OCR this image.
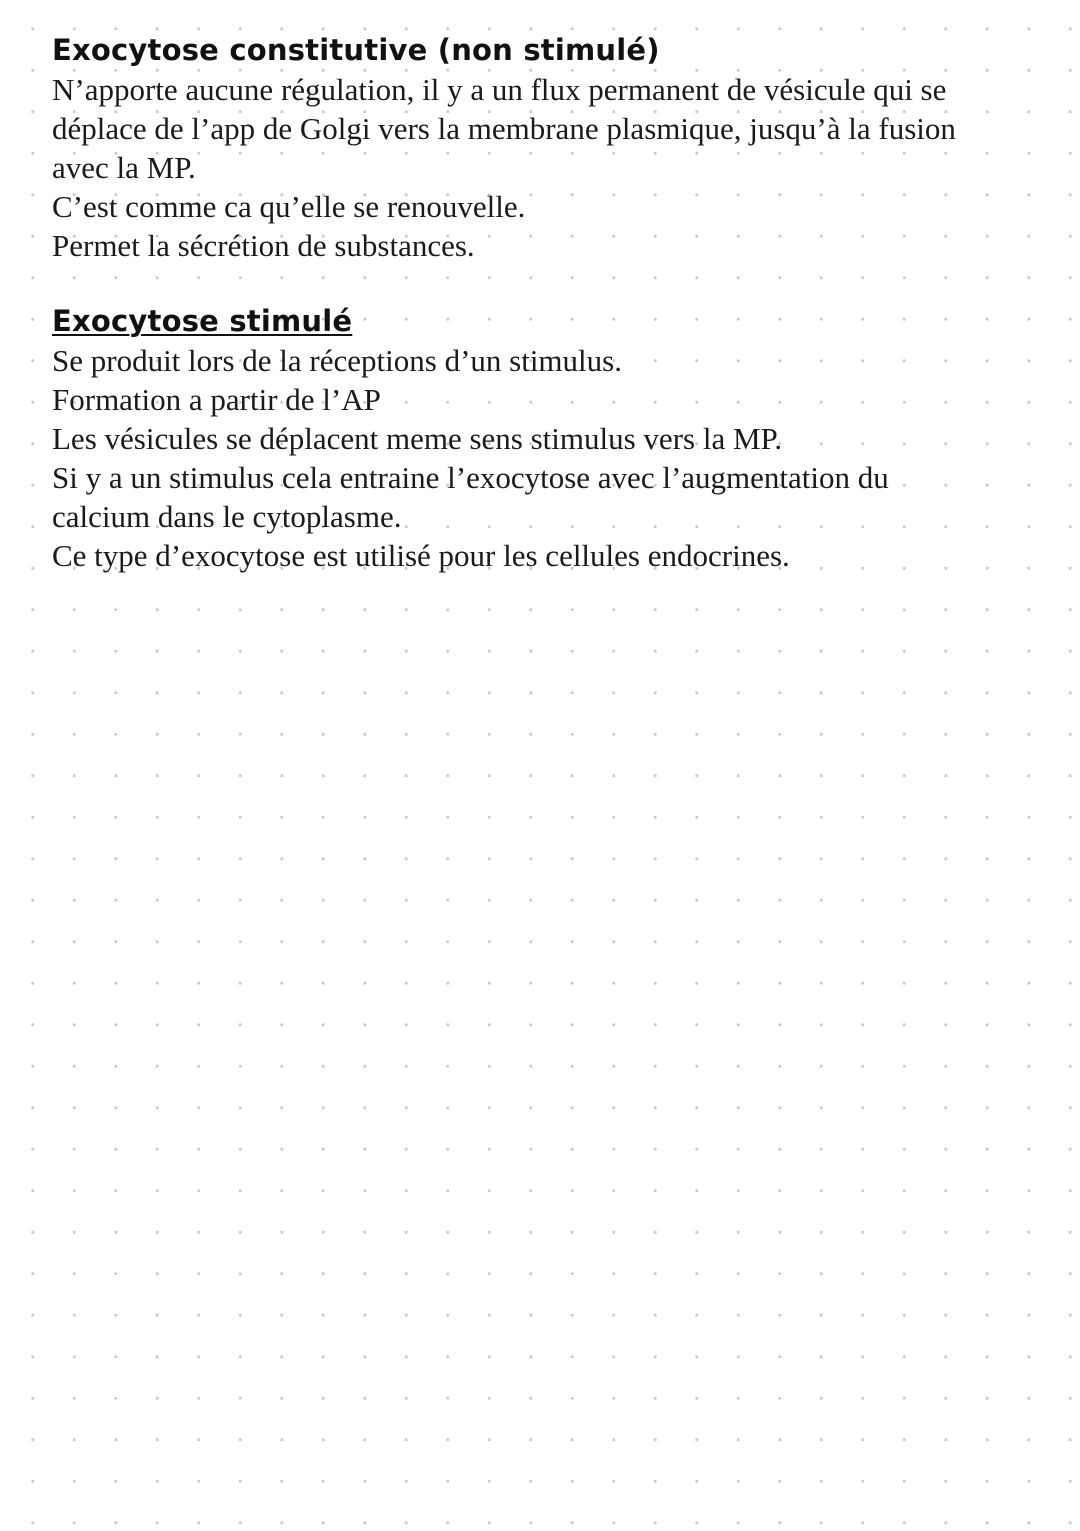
Exocytose constitutive (non stimulé)

N’apporte aucune régulation, il y a un flux permanent de vésicule qui se

déplace de l’app de Golgi vers la membrane plasmique, jusqu’à la fusion

avec la MP.

C’est comme ca qu’elle se renouvelle.

Permet la sécrétion de substances.

Exocytose stimulé

Se produit lors de la réceptions d’un stimulus.

Formation a partir de l’AP

Les vésicules se déplacent meme sens stimulus vers la MP.

Si y a un stimulus cela entraine l’exocytose avec l’augmentation du

calcium dans le cytoplasme.

Ce type d’exocytose est utilisé pour les cellules endocrines.
